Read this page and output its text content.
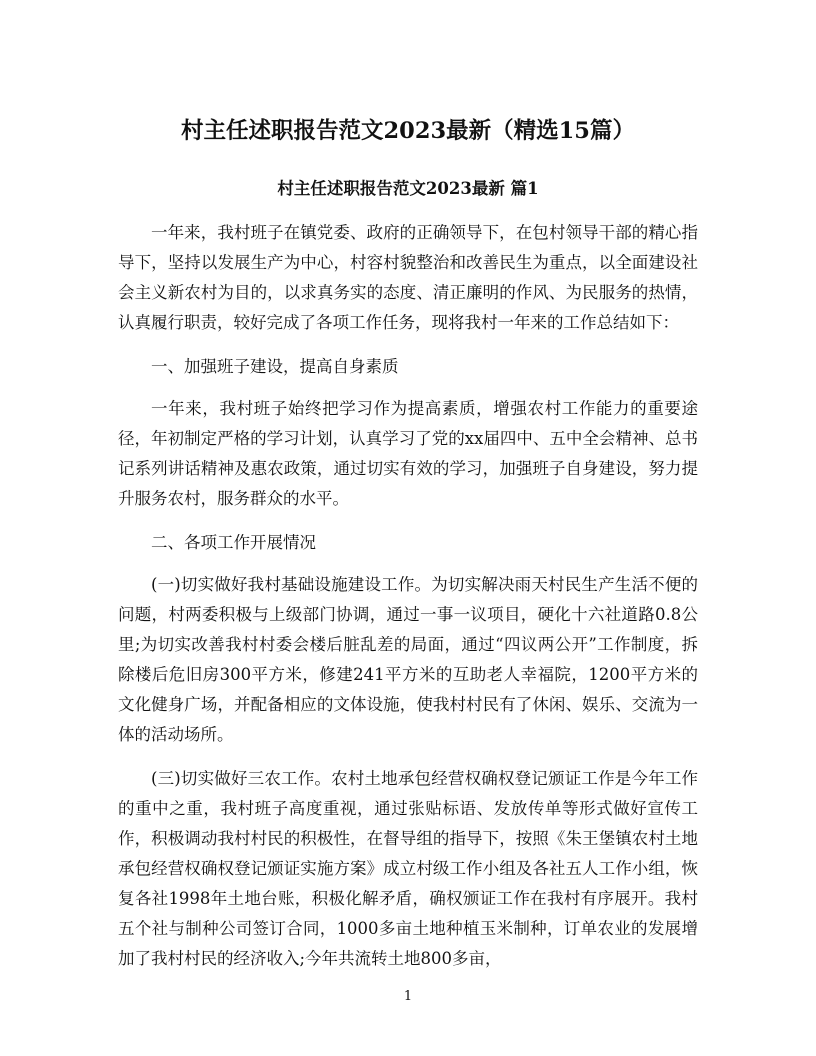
村主任述职报告范文2023最新（精选15篇）
村主任述职报告范文2023最新 篇1

一年来，我村班子在镇党委、政府的正确领导下，在包村领导干部的精心指导下，坚持以发展生产为中心，村容村貌整治和改善民生为重点，以全面建设社会主义新农村为目的，以求真务实的态度、清正廉明的作风、为民服务的热情，认真履行职责，较好完成了各项工作任务，现将我村一年来的工作总结如下：

一、加强班子建设，提高自身素质

一年来，我村班子始终把学习作为提高素质，增强农村工作能力的重要途径，年初制定严格的学习计划，认真学习了党的xx届四中、五中全会精神、总书记系列讲话精神及惠农政策，通过切实有效的学习，加强班子自身建设，努力提升服务农村，服务群众的水平。

二、各项工作开展情况

(一)切实做好我村基础设施建设工作。为切实解决雨天村民生产生活不便的问题，村两委积极与上级部门协调，通过一事一议项目，硬化十六社道路0.8公里;为切实改善我村村委会楼后脏乱差的局面，通过“四议两公开”工作制度，拆除楼后危旧房300平方米，修建241平方米的互助老人幸福院，1200平方米的文化健身广场，并配备相应的文体设施，使我村村民有了休闲、娱乐、交流为一体的活动场所。

(三)切实做好三农工作。农村土地承包经营权确权登记颁证工作是今年工作的重中之重，我村班子高度重视，通过张贴标语、发放传单等形式做好宣传工作，积极调动我村村民的积极性，在督导组的指导下，按照《朱王堡镇农村土地承包经营权确权登记颁证实施方案》成立村级工作小组及各社五人工作小组，恢复各社1998年土地台账，积极化解矛盾，确权颁证工作在我村有序展开。我村五个社与制种公司签订合同，1000多亩土地种植玉米制种，订单农业的发展增加了我村村民的经济收入;今年共流转土地800多亩，

1
